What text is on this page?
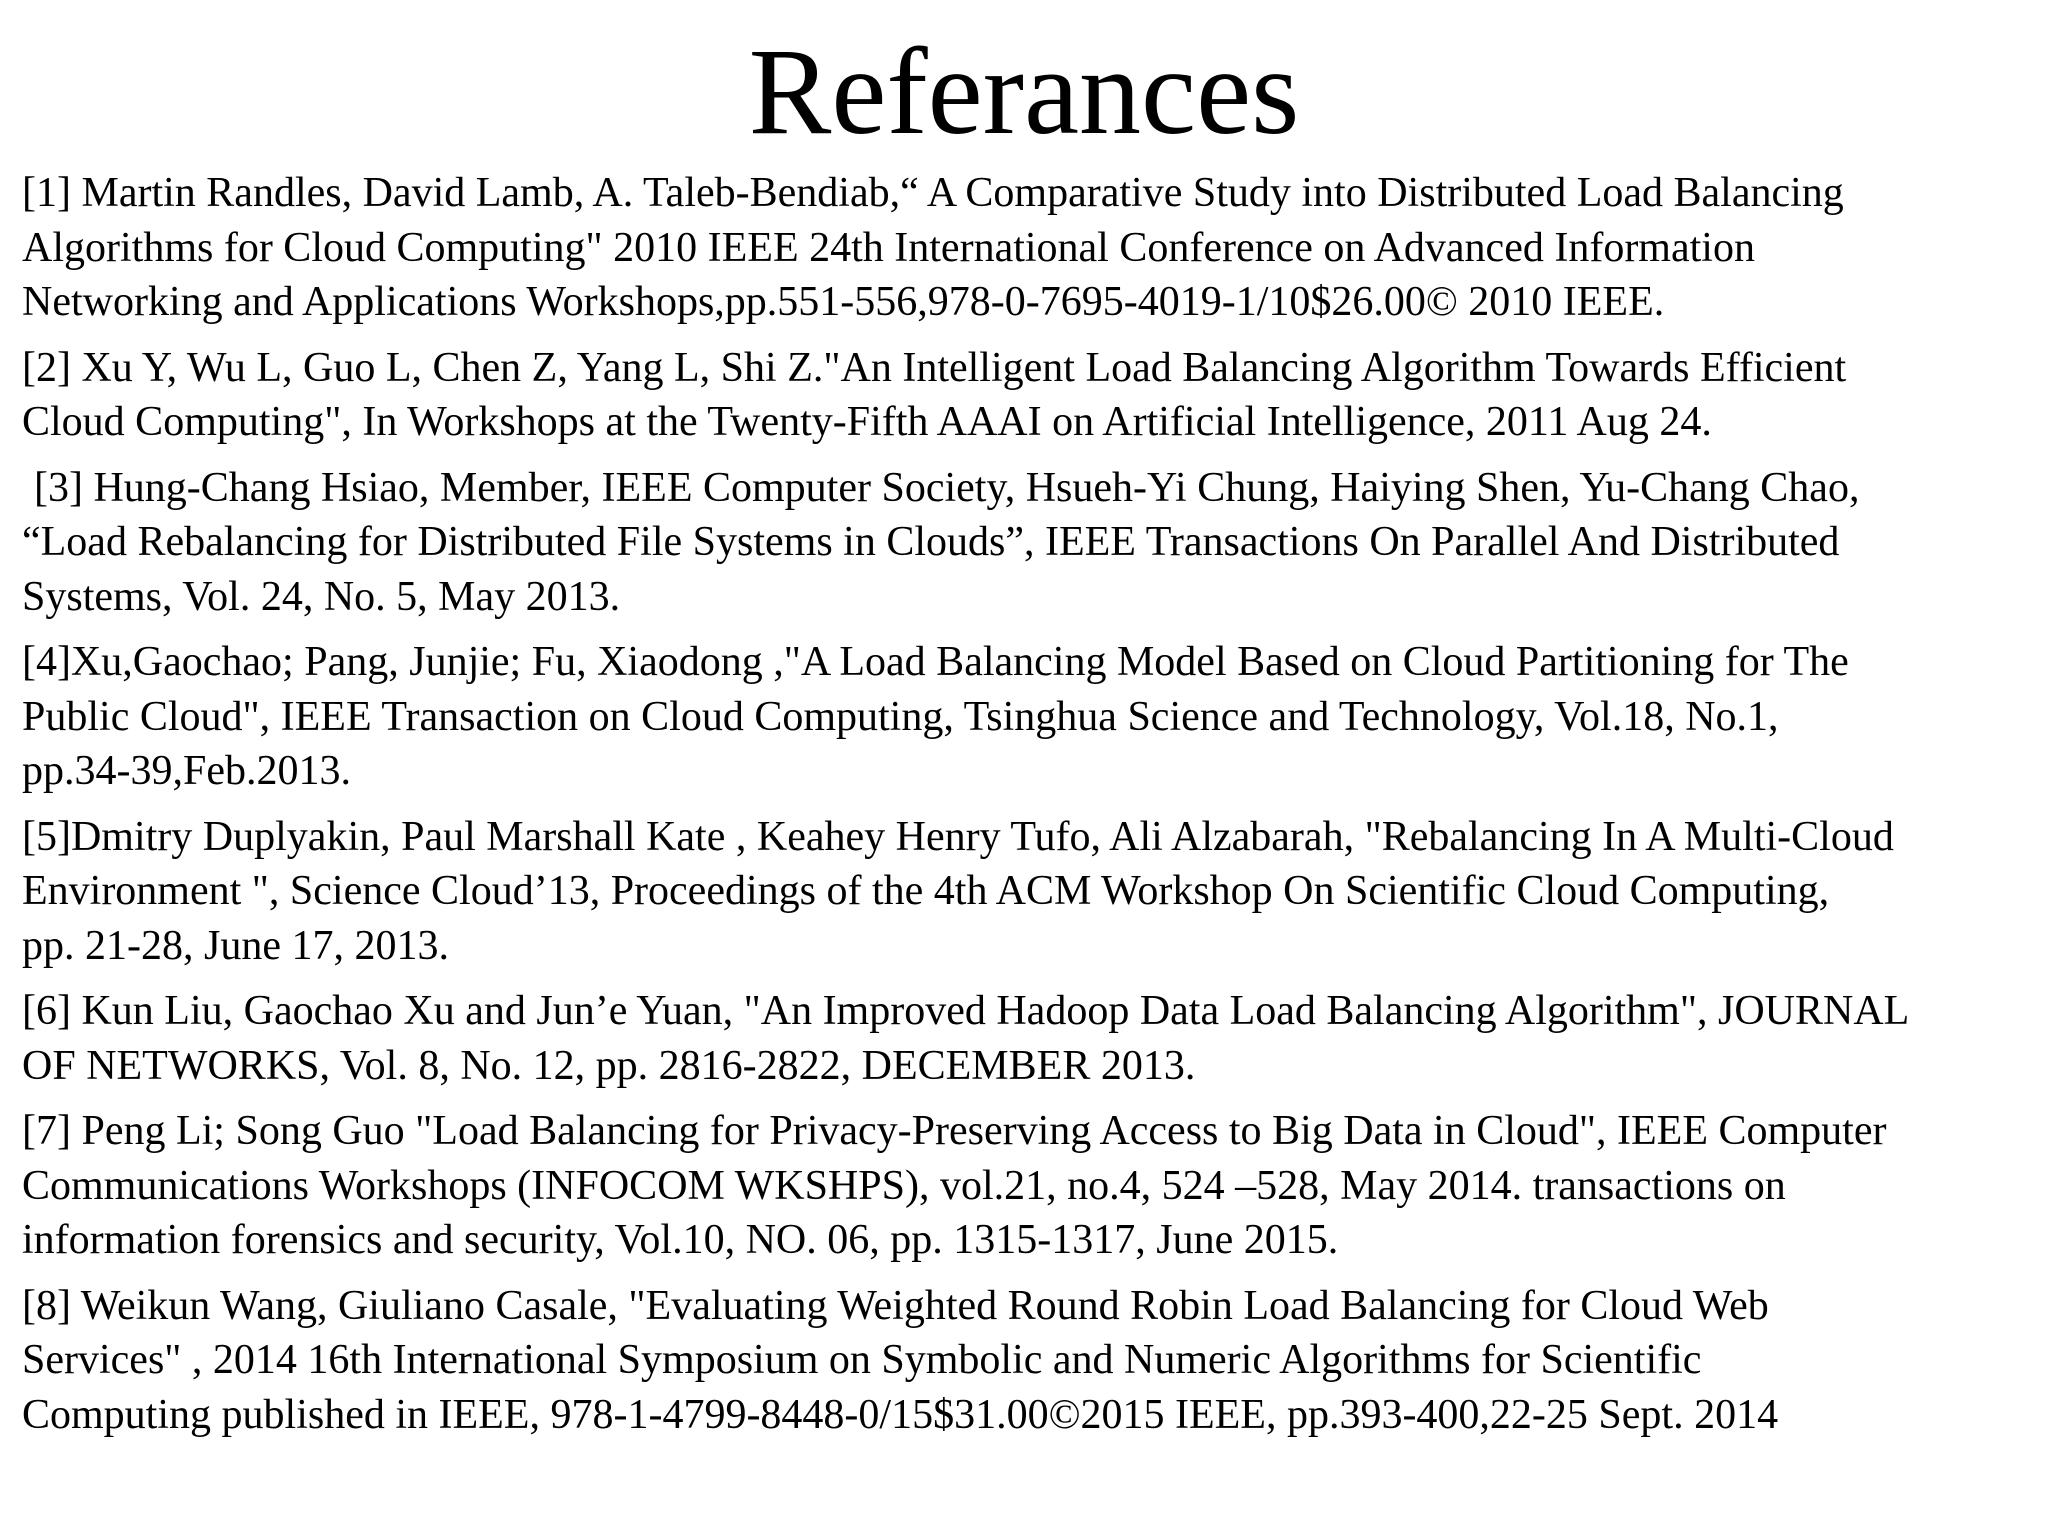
Referances
[1] Martin Randles, David Lamb, A. Taleb-Bendiab,“ A Comparative Study into Distributed Load Balancing
Algorithms for Cloud Computing" 2010 IEEE 24th International Conference on Advanced Information
Networking and Applications Workshops,pp.551-556,978-0-7695-4019-1/10$26.00© 2010 IEEE.
[2] Xu Y, Wu L, Guo L, Chen Z, Yang L, Shi Z."An Intelligent Load Balancing Algorithm Towards Efficient
Cloud Computing", In Workshops at the Twenty-Fifth AAAI on Artificial Intelligence, 2011 Aug 24.
[3] Hung-Chang Hsiao, Member, IEEE Computer Society, Hsueh-Yi Chung, Haiying Shen, Yu-Chang Chao,
“Load Rebalancing for Distributed File Systems in Clouds”, IEEE Transactions On Parallel And Distributed
Systems, Vol. 24, No. 5, May 2013.
[4]Xu,Gaochao; Pang, Junjie; Fu, Xiaodong ,"A Load Balancing Model Based on Cloud Partitioning for The
Public Cloud", IEEE Transaction on Cloud Computing, Tsinghua Science and Technology, Vol.18, No.1,
pp.34-39,Feb.2013.
[5]Dmitry Duplyakin, Paul Marshall Kate , Keahey Henry Tufo, Ali Alzabarah, "Rebalancing In A Multi-Cloud
Environment ", Science Cloud’13, Proceedings of the 4th ACM Workshop On Scientific Cloud Computing,
pp. 21-28, June 17, 2013.
[6] Kun Liu, Gaochao Xu and Jun’e Yuan, "An Improved Hadoop Data Load Balancing Algorithm", JOURNAL
OF NETWORKS, Vol. 8, No. 12, pp. 2816-2822, DECEMBER 2013.
[7] Peng Li; Song Guo "Load Balancing for Privacy-Preserving Access to Big Data in Cloud", IEEE Computer
Communications Workshops (INFOCOM WKSHPS), vol.21, no.4, 524 –528, May 2014. transactions on
information forensics and security, Vol.10, NO. 06, pp. 1315-1317, June 2015.
[8] Weikun Wang, Giuliano Casale, "Evaluating Weighted Round Robin Load Balancing for Cloud Web
Services" , 2014 16th International Symposium on Symbolic and Numeric Algorithms for Scientific
Computing published in IEEE, 978-1-4799-8448-0/15$31.00©2015 IEEE, pp.393-400,22-25 Sept. 2014
